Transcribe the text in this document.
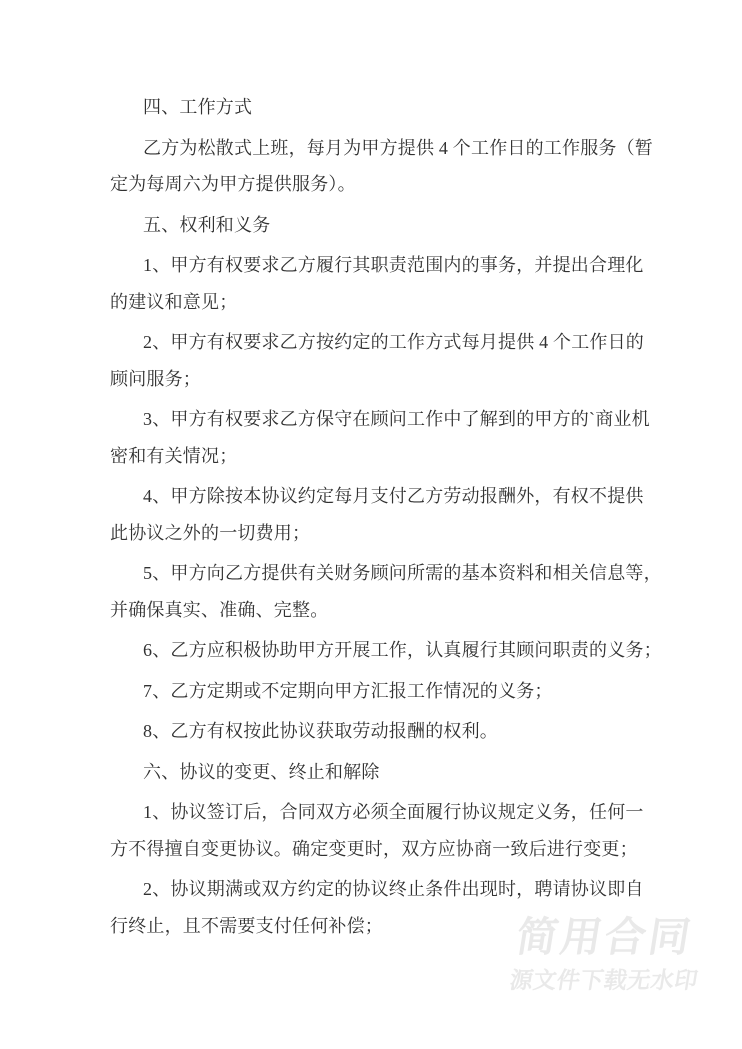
四、工作方式
乙方为松散式上班，每月为甲方提供 4 个工作日的工作服务（暂
定为每周六为甲方提供服务）。
五、权利和义务
1、甲方有权要求乙方履行其职责范围内的事务，并提出合理化
的建议和意见；
2、甲方有权要求乙方按约定的工作方式每月提供 4 个工作日的
顾问服务；
3、甲方有权要求乙方保守在顾问工作中了解到的甲方的`商业机
密和有关情况；
4、甲方除按本协议约定每月支付乙方劳动报酬外，有权不提供
此协议之外的一切费用；
5、甲方向乙方提供有关财务顾问所需的基本资料和相关信息等，
并确保真实、准确、完整。
6、乙方应积极协助甲方开展工作，认真履行其顾问职责的义务；
7、乙方定期或不定期向甲方汇报工作情况的义务；
8、乙方有权按此协议获取劳动报酬的权利。
六、协议的变更、终止和解除
1、协议签订后，合同双方必须全面履行协议规定义务，任何一
方不得擅自变更协议。确定变更时，双方应协商一致后进行变更；
2、协议期满或双方约定的协议终止条件出现时，聘请协议即自
行终止，且不需要支付任何补偿；	简用合同
源文件下载无水印
